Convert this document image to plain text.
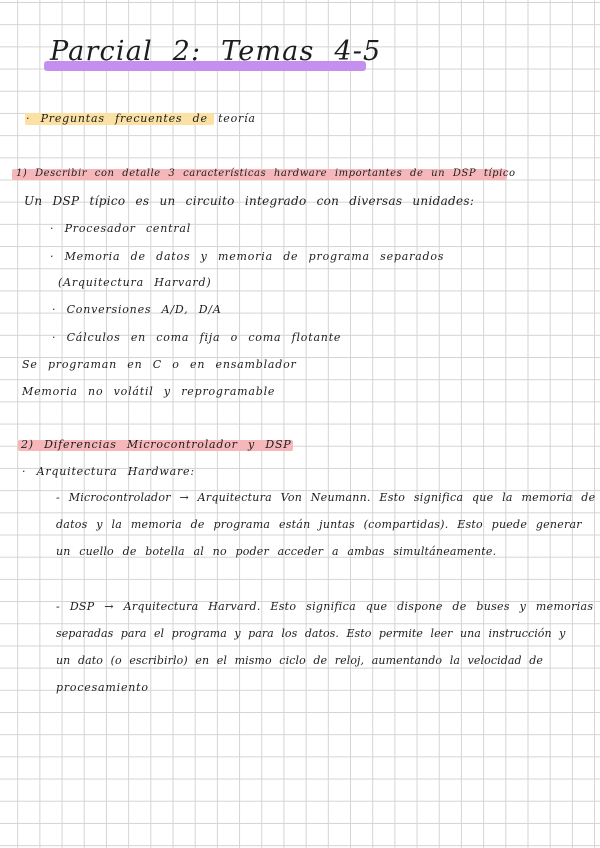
Parcial 2: Temas 4-5
· Preguntas frecuentes de teoría
1) Describir con detalle 3 características hardware importantes de un DSP típico
Un DSP típico es un circuito integrado con diversas unidades:
· Procesador central
· Memoria de datos y memoria de programa separados
(Arquitectura Harvard)
· Conversiones A/D, D/A
· Cálculos en coma fija o coma flotante
Se programan en C o en ensamblador
Memoria no volátil y reprogramable
2) Diferencias Microcontrolador y DSP
· Arquitectura Hardware:
- Microcontrolador → Arquitectura Von Neumann. Esto significa que la memoria de
datos y la memoria de programa están juntas (compartidas). Esto puede generar
un cuello de botella al no poder acceder a ambas simultáneamente.
- DSP → Arquitectura Harvard. Esto significa que dispone de buses y memorias
separadas para el programa y para los datos. Esto permite leer una instrucción y
un dato (o escribirlo) en el mismo ciclo de reloj, aumentando la velocidad de
procesamiento
